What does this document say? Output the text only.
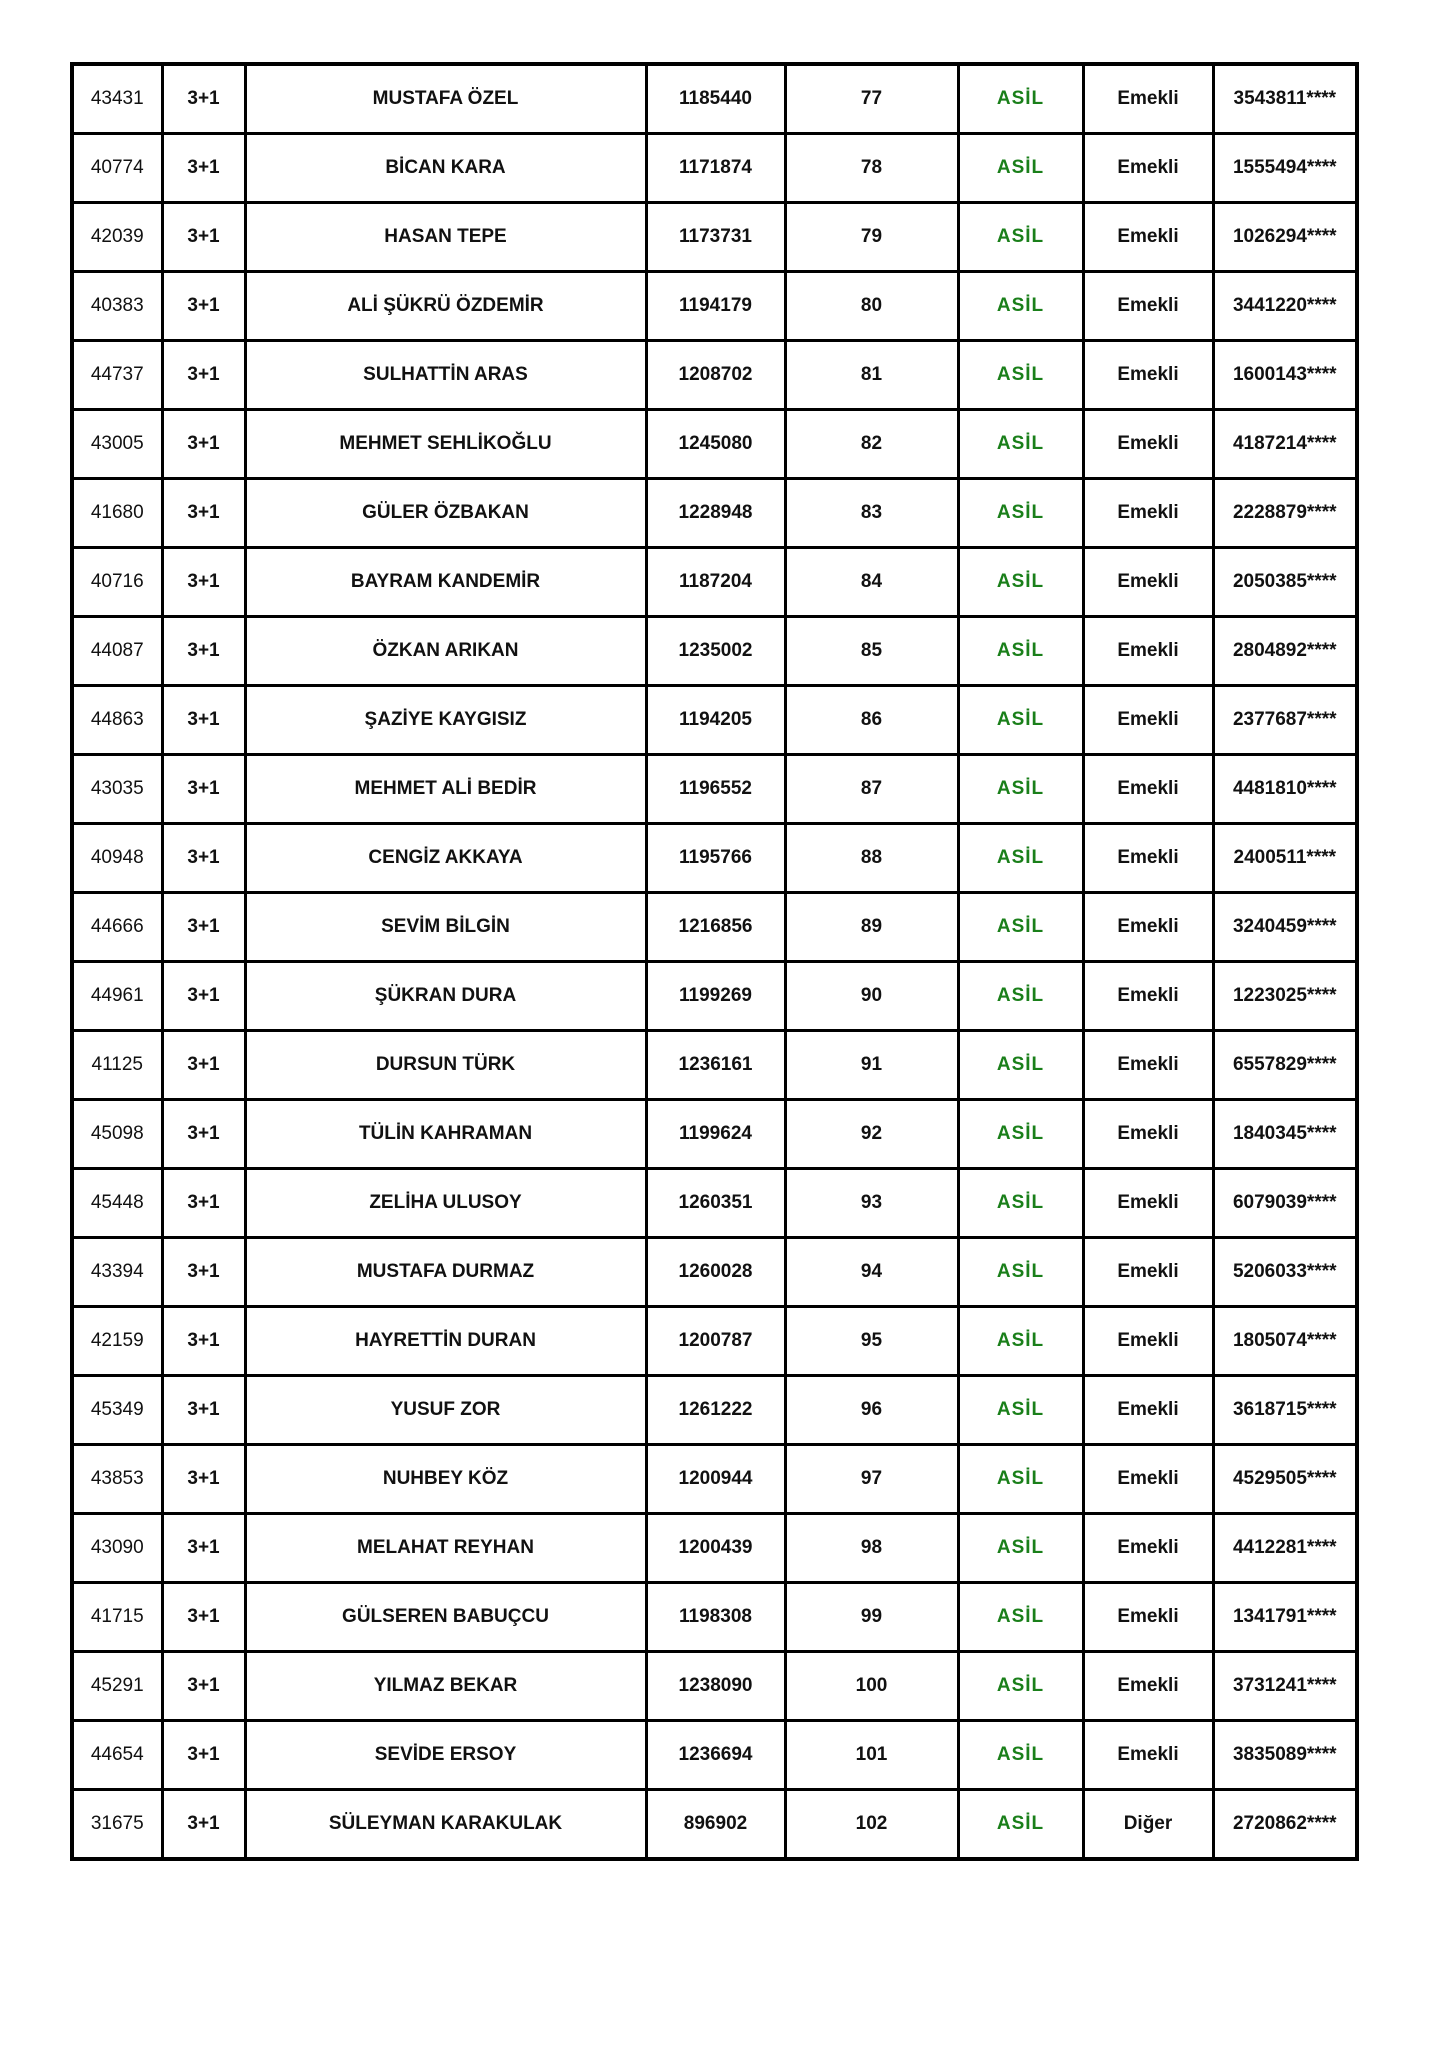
43431	3+1	MUSTAFA ÖZEL	1185440	77	ASİL	Emekli	3543811****
40774	3+1	BİCAN KARA	1171874	78	ASİL	Emekli	1555494****
42039	3+1	HASAN TEPE	1173731	79	ASİL	Emekli	1026294****
40383	3+1	ALİ ŞÜKRÜ ÖZDEMİR	1194179	80	ASİL	Emekli	3441220****
44737	3+1	SULHATTİN ARAS	1208702	81	ASİL	Emekli	1600143****
43005	3+1	MEHMET SEHLİKOĞLU	1245080	82	ASİL	Emekli	4187214****
41680	3+1	GÜLER ÖZBAKAN	1228948	83	ASİL	Emekli	2228879****
40716	3+1	BAYRAM KANDEMİR	1187204	84	ASİL	Emekli	2050385****
44087	3+1	ÖZKAN ARIKAN	1235002	85	ASİL	Emekli	2804892****
44863	3+1	ŞAZİYE KAYGISIZ	1194205	86	ASİL	Emekli	2377687****
43035	3+1	MEHMET ALİ BEDİR	1196552	87	ASİL	Emekli	4481810****
40948	3+1	CENGİZ AKKAYA	1195766	88	ASİL	Emekli	2400511****
44666	3+1	SEVİM BİLGİN	1216856	89	ASİL	Emekli	3240459****
44961	3+1	ŞÜKRAN DURA	1199269	90	ASİL	Emekli	1223025****
41125	3+1	DURSUN TÜRK	1236161	91	ASİL	Emekli	6557829****
45098	3+1	TÜLİN KAHRAMAN	1199624	92	ASİL	Emekli	1840345****
45448	3+1	ZELİHA ULUSOY	1260351	93	ASİL	Emekli	6079039****
43394	3+1	MUSTAFA DURMAZ	1260028	94	ASİL	Emekli	5206033****
42159	3+1	HAYRETTİN DURAN	1200787	95	ASİL	Emekli	1805074****
45349	3+1	YUSUF ZOR	1261222	96	ASİL	Emekli	3618715****
43853	3+1	NUHBEY KÖZ	1200944	97	ASİL	Emekli	4529505****
43090	3+1	MELAHAT REYHAN	1200439	98	ASİL	Emekli	4412281****
41715	3+1	GÜLSEREN BABUÇCU	1198308	99	ASİL	Emekli	1341791****
45291	3+1	YILMAZ BEKAR	1238090	100	ASİL	Emekli	3731241****
44654	3+1	SEVİDE ERSOY	1236694	101	ASİL	Emekli	3835089****
31675	3+1	SÜLEYMAN KARAKULAK	896902	102	ASİL	Diğer	2720862****
